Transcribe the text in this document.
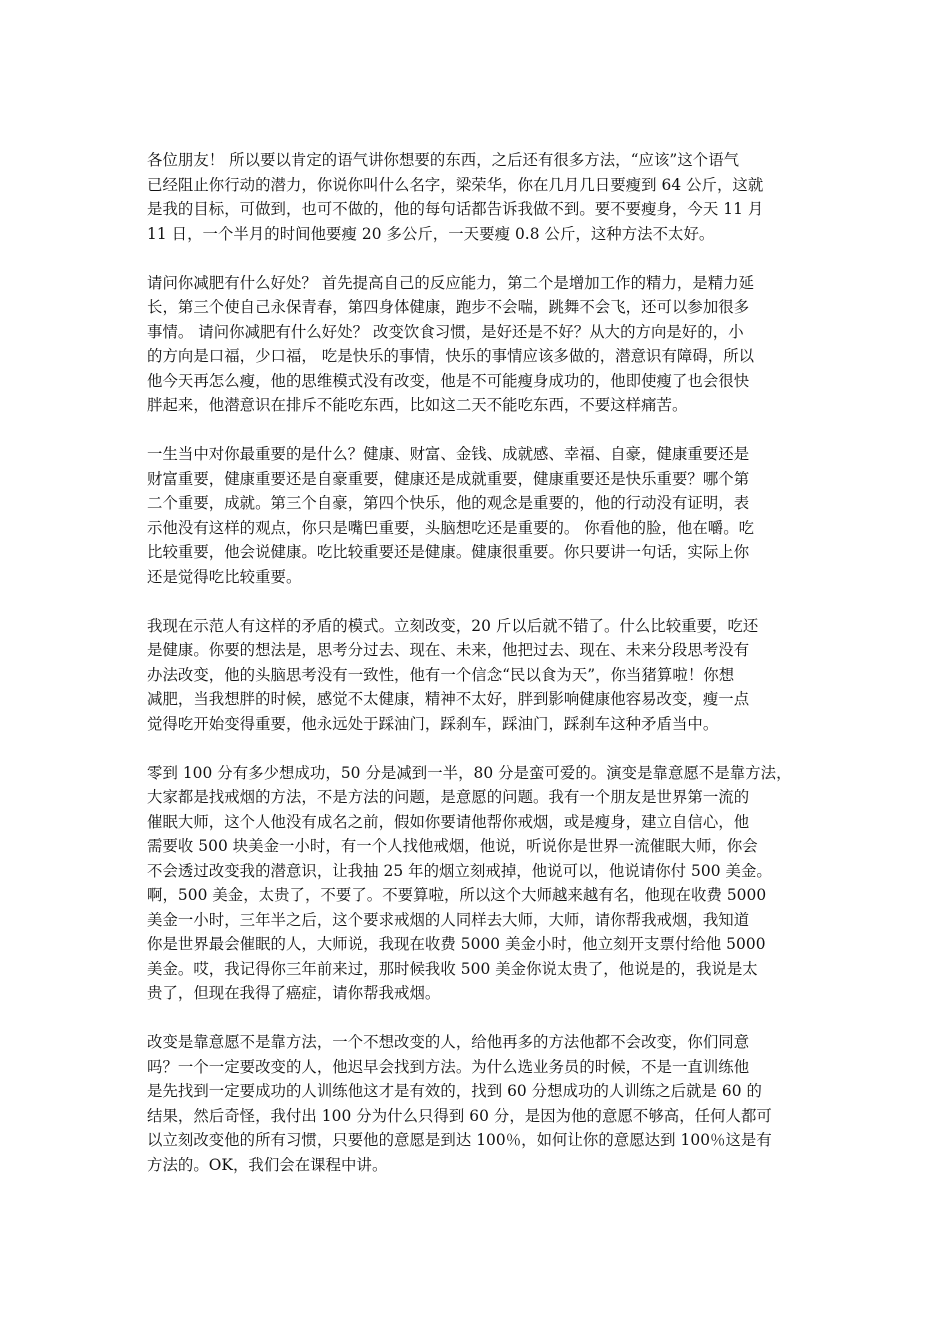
各位朋友！ 所以要以肯定的语气讲你想要的东西，之后还有很多方法，“应该”这个语气
已经阻止你行动的潜力，你说你叫什么名字，梁荣华，你在几月几日要瘦到 64 公斤，这就
是我的目标，可做到，也可不做的，他的每句话都告诉我做不到。要不要瘦身，今天 11 月
11 日，一个半月的时间他要瘦 20 多公斤，一天要瘦 0.8 公斤，这种方法不太好。

请问你减肥有什么好处？ 首先提高自己的反应能力，第二个是增加工作的精力，是精力延
长，第三个使自己永保青春，第四身体健康，跑步不会喘，跳舞不会飞，还可以参加很多
事情。 请问你减肥有什么好处？ 改变饮食习惯，是好还是不好？从大的方向是好的，小
的方向是口福，少口福， 吃是快乐的事情，快乐的事情应该多做的，潜意识有障碍，所以
他今天再怎么瘦，他的思维模式没有改变，他是不可能瘦身成功的，他即使瘦了也会很快
胖起来，他潜意识在排斥不能吃东西，比如这二天不能吃东西，不要这样痛苦。

一生当中对你最重要的是什么？健康、财富、金钱、成就感、幸福、自豪，健康重要还是
财富重要，健康重要还是自豪重要，健康还是成就重要，健康重要还是快乐重要？哪个第
二个重要，成就。第三个自豪，第四个快乐，他的观念是重要的，他的行动没有证明，表
示他没有这样的观点，你只是嘴巴重要，头脑想吃还是重要的。 你看他的脸，他在嚼。吃
比较重要，他会说健康。吃比较重要还是健康。健康很重要。你只要讲一句话，实际上你
还是觉得吃比较重要。

我现在示范人有这样的矛盾的模式。立刻改变，20 斤以后就不错了。什么比较重要，吃还
是健康。你要的想法是，思考分过去、现在、未来，他把过去、现在、未来分段思考没有
办法改变，他的头脑思考没有一致性，他有一个信念“民以食为天”，你当猪算啦！你想
减肥，当我想胖的时候，感觉不太健康，精神不太好，胖到影响健康他容易改变，瘦一点
觉得吃开始变得重要，他永远处于踩油门，踩刹车，踩油门，踩刹车这种矛盾当中。

零到 100 分有多少想成功，50 分是减到一半，80 分是蛮可爱的。演变是靠意愿不是靠方法，
大家都是找戒烟的方法，不是方法的问题，是意愿的问题。我有一个朋友是世界第一流的
催眠大师，这个人他没有成名之前，假如你要请他帮你戒烟，或是瘦身，建立自信心，他
需要收 500 块美金一小时，有一个人找他戒烟，他说，听说你是世界一流催眠大师，你会
不会透过改变我的潜意识，让我抽 25 年的烟立刻戒掉，他说可以，他说请你付 500 美金。
啊，500 美金，太贵了，不要了。不要算啦，所以这个大师越来越有名，他现在收费 5000
美金一小时，三年半之后，这个要求戒烟的人同样去大师，大师，请你帮我戒烟，我知道
你是世界最会催眠的人，大师说，我现在收费 5000 美金小时，他立刻开支票付给他 5000
美金。哎，我记得你三年前来过，那时候我收 500 美金你说太贵了，他说是的，我说是太
贵了，但现在我得了癌症，请你帮我戒烟。

改变是靠意愿不是靠方法，一个不想改变的人，给他再多的方法他都不会改变，你们同意
吗？一个一定要改变的人，他迟早会找到方法。为什么选业务员的时候，不是一直训练他
是先找到一定要成功的人训练他这才是有效的，找到 60 分想成功的人训练之后就是 60 的
结果，然后奇怪，我付出 100 分为什么只得到 60 分，是因为他的意愿不够高，任何人都可
以立刻改变他的所有习惯，只要他的意愿是到达 100％，如何让你的意愿达到 100％这是有
方法的。OK，我们会在课程中讲。
